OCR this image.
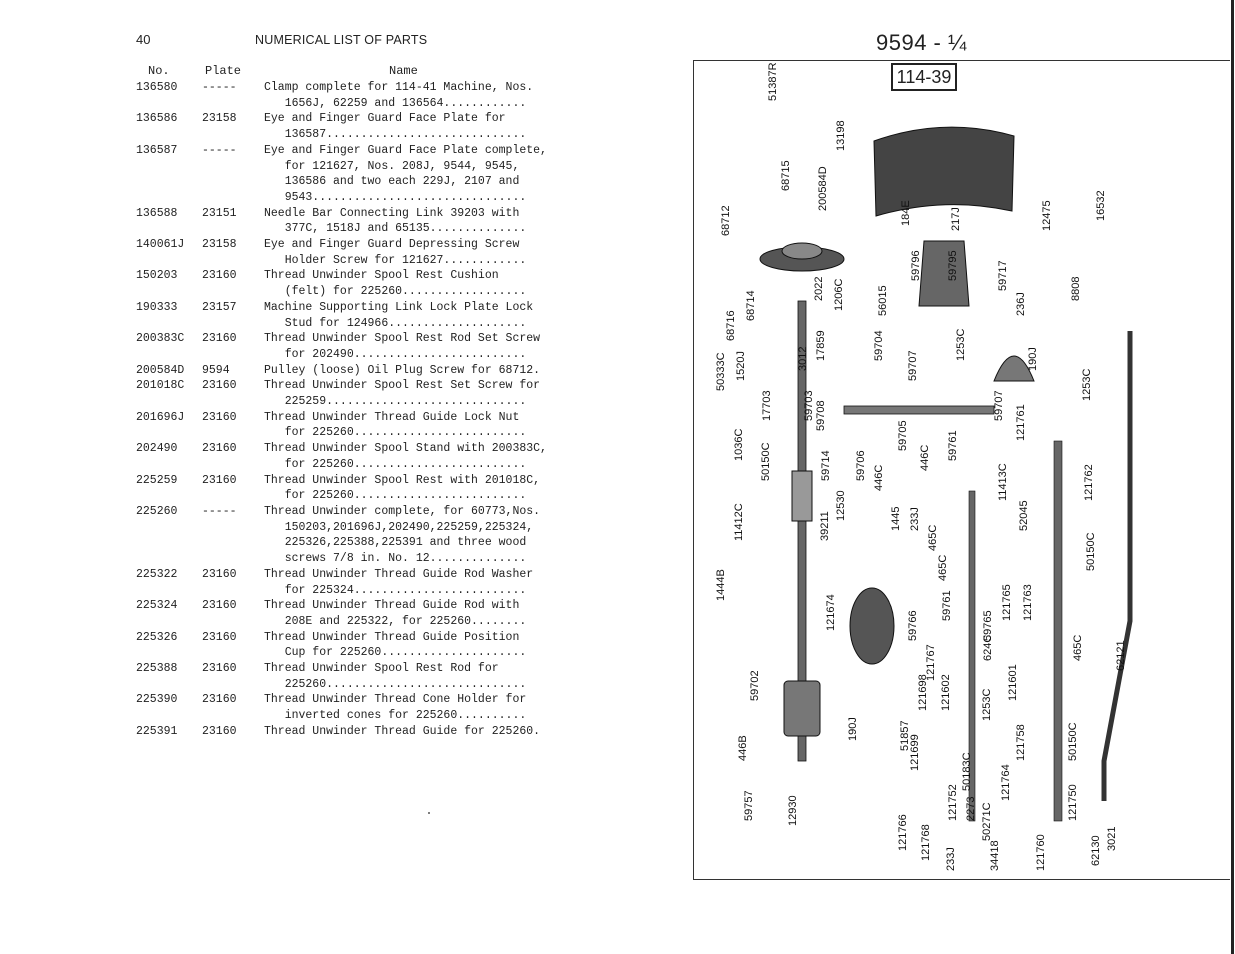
40	NUMERICAL LIST OF PARTS
No.	Plate	Name
136580	-----	Clamp complete for 114-41 Machine, Nos.
1656J, 62259 and 136564............
136586	23158	Eye and Finger Guard Face Plate for
136587.............................
136587	-----	Eye and Finger Guard Face Plate complete,
for 121627, Nos. 208J, 9544, 9545,
136586 and two each 229J, 2107 and
9543...............................
136588	23151	Needle Bar Connecting Link 39203 with
377C, 1518J and 65135..............
140061J	23158	Eye and Finger Guard Depressing Screw
Holder Screw for 121627............
150203	23160	Thread Unwinder Spool Rest Cushion
(felt) for 225260..................
190333	23157	Machine Supporting Link Lock Plate Lock
Stud for 124966....................
200383C	23160	Thread Unwinder Spool Rest Rod Set Screw
for 202490.........................
200584D	9594	Pulley (loose) Oil Plug Screw for 68712.
201018C	23160	Thread Unwinder Spool Rest Set Screw for
225259.............................
201696J	23160	Thread Unwinder Thread Guide Lock Nut
for 225260.........................
202490	23160	Thread Unwinder Spool Stand with 200383C,
for 225260.........................
225259	23160	Thread Unwinder Spool Rest with 201018C,
for 225260.........................
225260	-----	Thread Unwinder complete, for 60773,Nos.
150203,201696J,202490,225259,225324,
225326,225388,225391 and three wood
screws 7/8 in. No. 12..............
225322	23160	Thread Unwinder Thread Guide Rod Washer
for 225324.........................
225324	23160	Thread Unwinder Thread Guide Rod with
208E and 225322, for 225260........
225326	23160	Thread Unwinder Thread Guide Position
Cup for 225260.....................
225388	23160	Thread Unwinder Spool Rest Rod for
225260.............................
225390	23160	Thread Unwinder Thread Cone Holder for
inverted cones for 225260..........
225391	23160	Thread Unwinder Thread Guide for 225260.
9594 - ¼
114-39
51387R
13198
68715 200584D
68712	184E	217J	12475	16532
59796 59795	59717
236J
8808
2022 1206C
68716
68714	56015
50333C 1520J	3012 17859	59704
59707
1253C	190J
17703	59703 59708
1036C 50150C
59705
59707 121761
1253C
59706 446C
446C 59761
121762
12530
59714
1445
11413C
233J
465C
52045
11412C	39211
465C
59761	121765
50150C
1444B
121674	59766	59765
121763
121698
121767	624C
121601
465C
59702
51857
121699
121602	1253C
121758	50150C
446B
190J
50183C 121764
121750
62121
59757	12930
121766
121752 2273 50271C
34418
121768 233J	121760	62130 3021
